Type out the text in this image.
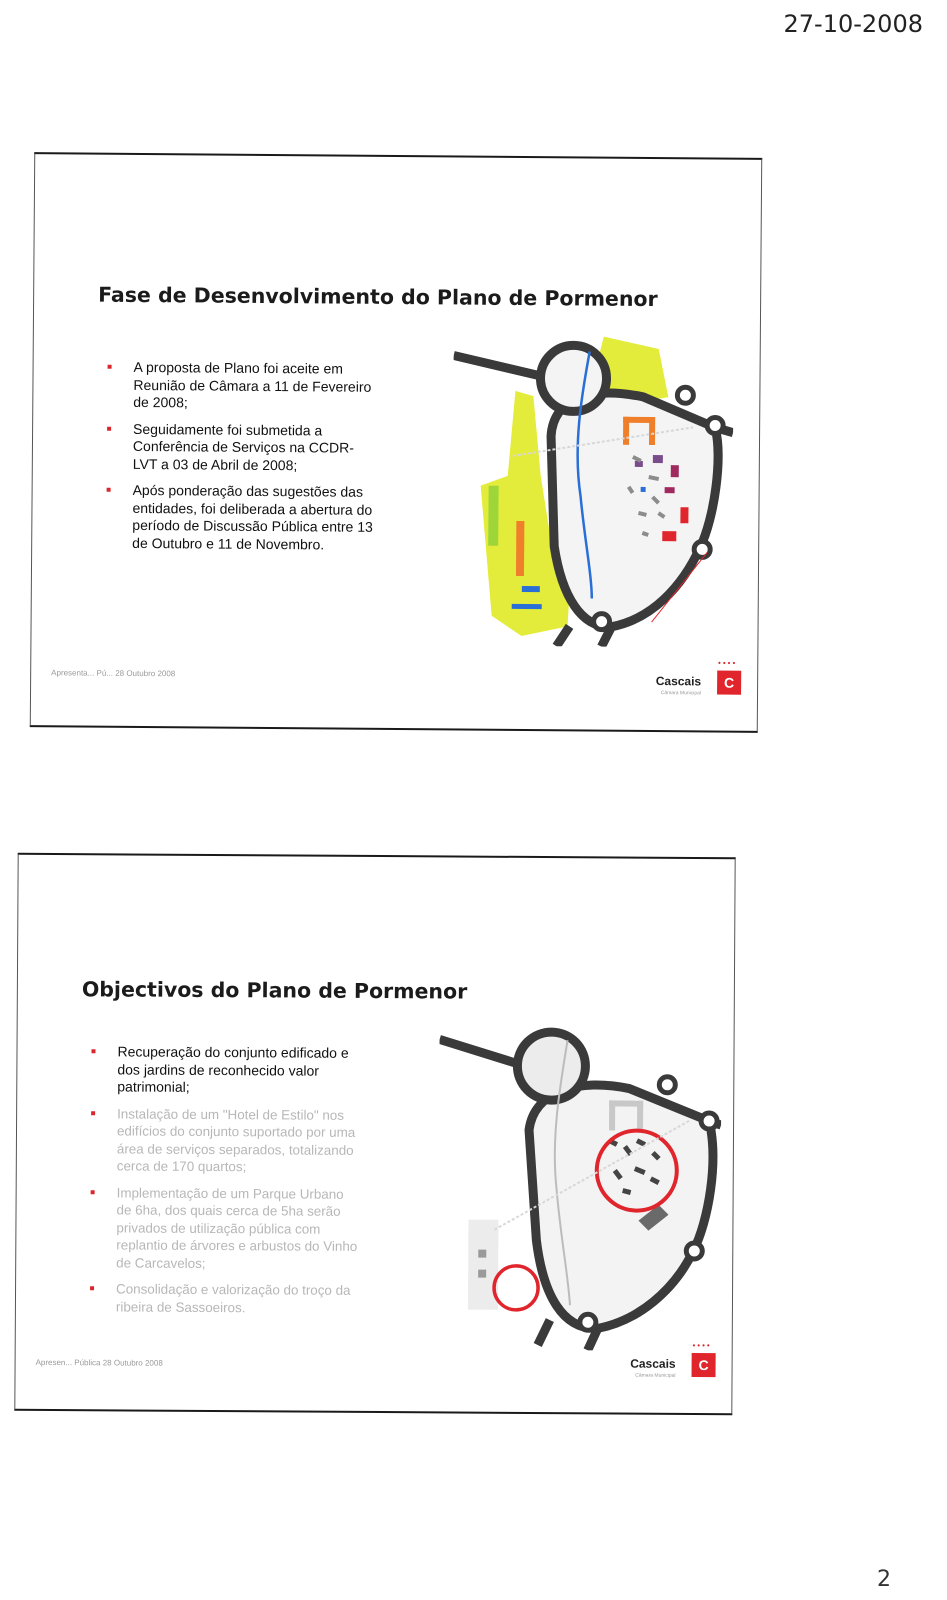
27-10-2008
Fase de Desenvolvimento do Plano de Pormenor
A proposta de Plano foi aceite em Reunião de Câmara a 11 de Fevereiro de 2008;
Seguidamente foi submetida a Conferência de Serviços na CCDR-LVT a 03 de Abril de 2008;
Após ponderação das sugestões das entidades, foi deliberada a abertura do período de Discussão Pública entre 13 de Outubro e 11 de Novembro.
Apresenta... Pú... 28 Outubro 2008
••••
Cascais
Câmara Municipal
C
Objectivos do Plano de Pormenor
Recuperação do conjunto edificado e dos jardins de reconhecido valor patrimonial;
Instalação de um "Hotel de Estilo" nos edifícios do conjunto suportado por uma área de serviços separados, totalizando cerca de 170 quartos;
Implementação de um Parque Urbano de 6ha, dos quais cerca de 5ha serão privados de utilização pública com replantio de árvores e arbustos do Vinho de Carcavelos;
Consolidação e valorização do troço da ribeira de Sassoeiros.
Apresen... Pública 28 Outubro 2008
••••
Cascais
Câmara Municipal
C
2
